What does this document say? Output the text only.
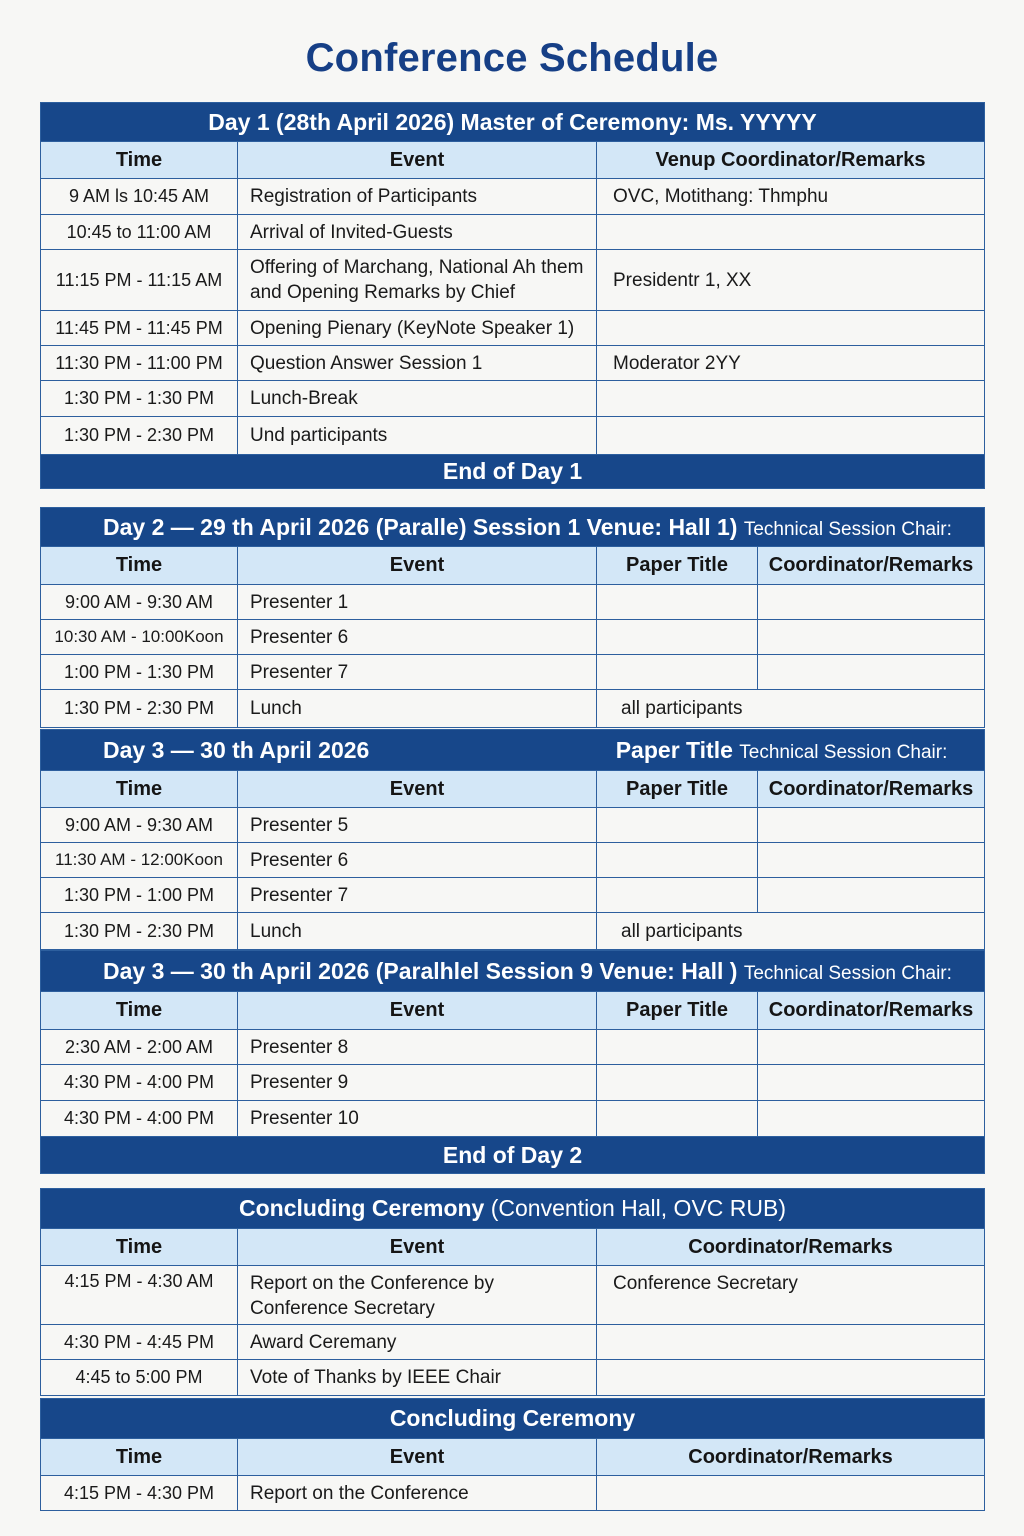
Conference Schedule
Day 1 (28th April 2026) Master of Ceremony: Ms. YYYYY		
Time	Event	Venup Coordinator/Remarks
9 AM ls 10:45 AM	Registration of Participants	OVC, Motithang: Thmphu
10:45 to 11:00 AM	Arrival of Invited-Guests	
11:15 PM - 11:15 AM	Offering of Marchang, National Ah them and Opening Remarks by Chief	Presidentr 1, XX
11:45 PM - 11:45 PM	Opening Pienary (KeyNote Speaker 1)	
11:30 PM - 11:00 PM	Question Answer Session 1	Moderator 2YY
1:30 PM - 1:30 PM	Lunch-Break	
1:30 PM - 2:30 PM	Und participants	
End of Day 1		
Day 2 — 29 th April 2026 (Paralle) Session 1 Venue: Hall 1) Technical Session Chair:			
Time	Event	Paper Title	Coordinator/Remarks
9:00 AM - 9:30 AM	Presenter 1		
10:30 AM - 10:00Koon	Presenter 6		
1:00 PM - 1:30 PM	Presenter 7		
1:30 PM - 2:30 PM	Lunch	all participants	
Day 3 — 30 th April 2026 Paper Title Technical Session Chair:			
Time	Event	Paper Title	Coordinator/Remarks
9:00 AM - 9:30 AM	Presenter 5		
11:30 AM - 12:00Koon	Presenter 6		
1:30 PM - 1:00 PM	Presenter 7		
1:30 PM - 2:30 PM	Lunch	all participants	
Day 3 — 30 th April 2026 (Paralhlel Session 9 Venue: Hall ) Technical Session Chair:			
Time	Event	Paper Title	Coordinator/Remarks
2:30 AM - 2:00 AM	Presenter 8		
4:30 PM - 4:00 PM	Presenter 9		
4:30 PM - 4:00 PM	Presenter 10		
End of Day 2			
Concluding Ceremony (Convention Hall, OVC RUB)		
Time	Event	Coordinator/Remarks
4:15 PM - 4:30 AM	Report on the Conference by Conference Secretary	Conference Secretary
4:30 PM - 4:45 PM	Award Ceremany	
4:45 to 5:00 PM	Vote of Thanks by IEEE Chair	
Concluding Ceremony		
Time	Event	Coordinator/Remarks
4:15 PM - 4:30 PM	Report on the Conference	
